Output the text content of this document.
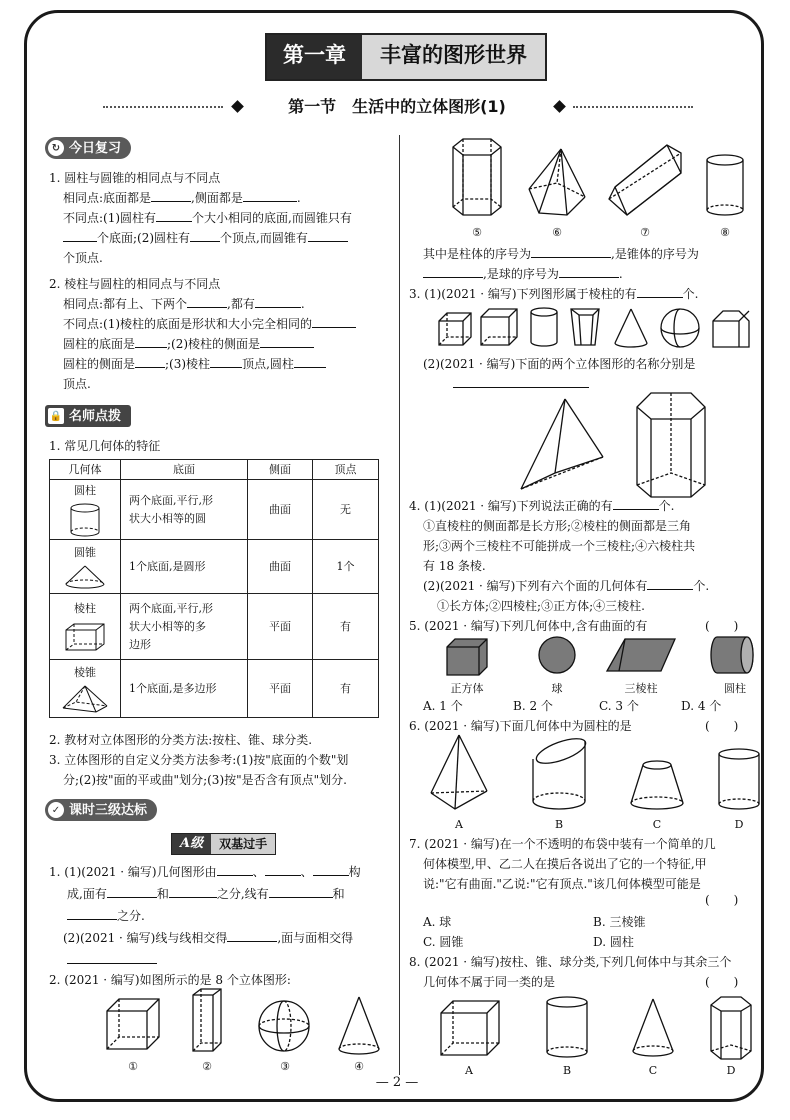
第一章	丰富的图形世界
第一节　生活中的立体图形(1)
↻ 今日复习
1. 圆柱与圆锥的相同点与不同点
相同点:底面都是	,侧面都是	.
不同点:(1)圆柱有	个大小相同的底面,而圆锥只有
个底面;(2)圆柱有	个顶点,而圆锥有
个顶点.
2. 棱柱与圆柱的相同点与不同点
相同点:都有上、下两个	,都有	.
不同点:(1)棱柱的底面是形状和大小完全相同的
圆柱的底面是	;(2)棱柱的侧面是
圆柱的侧面是	;(3)棱柱	顶点,圆柱
顶点.
🔒 名师点拨
1. 常见几何体的特征
几何体	底面	侧面	顶点

圆柱	两个底面,平行,形
状大小相等的圆	曲面	无

圆锥	1个底面,是圆形	曲面	1个

棱柱	两个底面,平行,形
状大小相等的多
边形	平面	有

棱锥	1个底面,是多边形	平面	有
2. 教材对立体图形的分类方法:按柱、锥、球分类.
3. 立体图形的自定义分类方法参考:(1)按"底面的个数"划
分;(2)按"面的平或曲"划分;(3)按"是否含有顶点"划分.
✓ 课时三级达标
A级	双基过手
1. (1)(2021 · 编写)几何图形由	、	、	构
成,面有	和	之分,线有	和
之分.
(2)(2021 · 编写)线与线相交得	,面与面相交得
2. (2021 · 编写)如图所示的是 8 个立体图形:
①	②	③	④
⑤	⑥	⑦	⑧
其中是柱体的序号为	,是锥体的序号为
,是球的序号为	.
3. (1)(2021 · 编写)下列图形属于棱柱的有	个.
(2)(2021 · 编写)下面的两个立体图形的名称分别是
4. (1)(2021 · 编写)下列说法正确的有	个.
①直棱柱的侧面都是长方形;②棱柱的侧面都是三角
形;③两个三棱柱不可能拼成一个三棱柱;④六棱柱共
有 18 条棱.
(2)(2021 · 编写)下列有六个面的几何体有	个.
①长方体;②四棱柱;③正方体;④三棱柱.
5. (2021 · 编写)下列几何体中,含有曲面的有	(　　)
正方体	球	三棱柱	圆柱
A. 1 个	B. 2 个	C. 3 个	D. 4 个
6. (2021 · 编写)下面几何体中为圆柱的是	(　　)
A	B	C	D
7. (2021 · 编写)在一个不透明的布袋中装有一个简单的几
何体模型,甲、乙二人在摸后各说出了它的一个特征,甲
说:"它有曲面."乙说:"它有顶点."该几何体模型可能是
(　　)
A. 球	B. 三棱锥
C. 圆锥	D. 圆柱
8. (2021 · 编写)按柱、锥、球分类,下列几何体中与其余三个
几何体不属于同一类的是	(　　)
A	B	C	D
— 2 —
